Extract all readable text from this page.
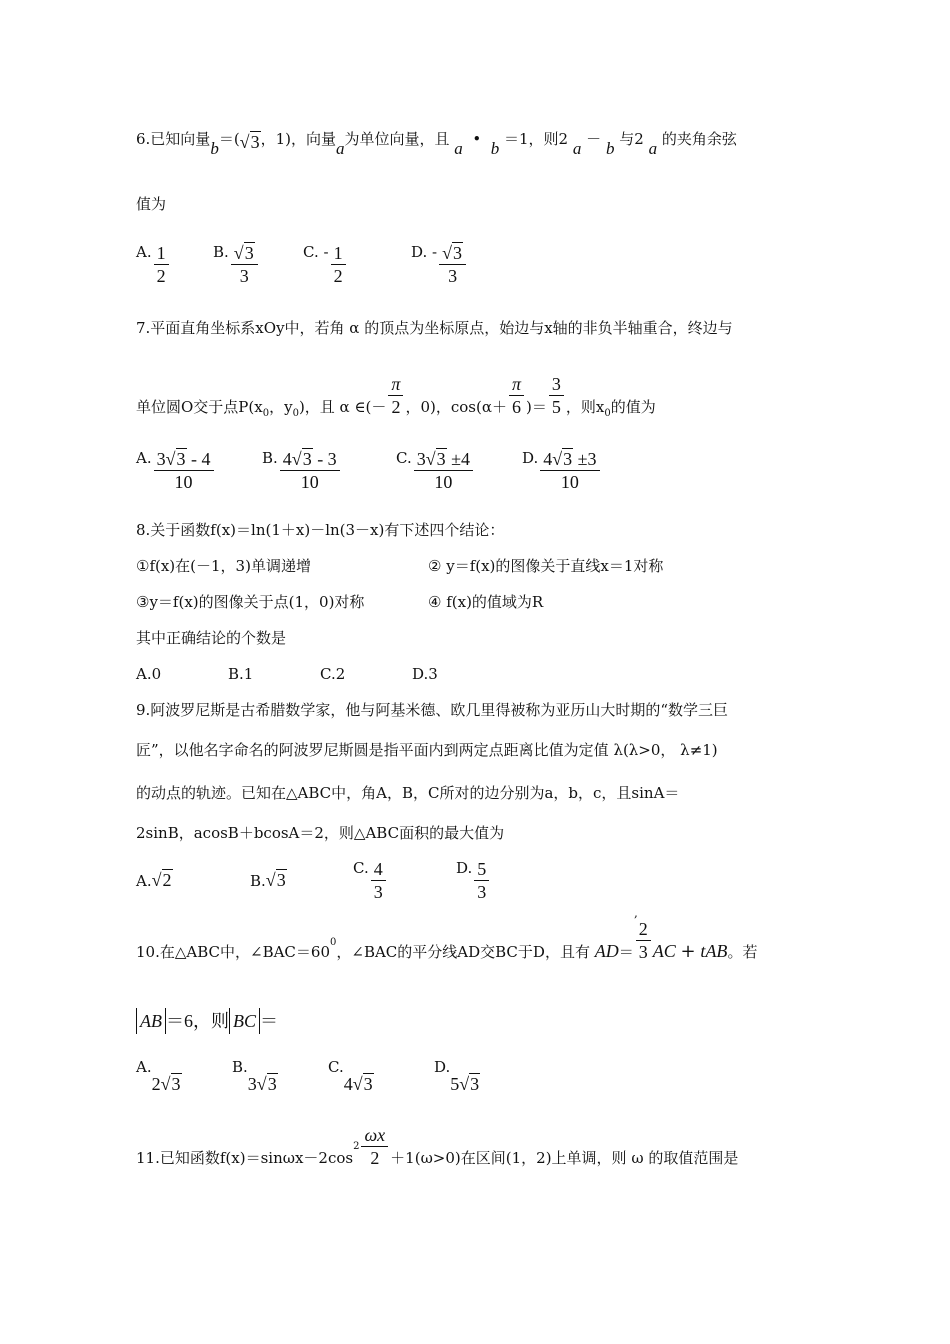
6.已知向量b＝(√3，1)，向量a为单位向量，且 a • b ＝1，则2 a － b 与2 a 的夹角余弦
值为
A. $\frac{1}{2}$	B. $\frac{√3}{3}$	C. - $\frac{1}{2}$	D. - $\frac{√3}{3}$
7.平面直角坐标系xOy中，若角 α 的顶点为坐标原点，始边与x轴的非负半轴重合，终边与
单位圆O交于点$P(x_0$，$y_0$)，且 α ∈(－ $\frac{\pi}{2}$ ，0)，$\cos(\alpha+ \frac{\pi}{6}$ )＝ $\frac{3}{5}$ ，则$x_0$的值为
A. $\frac{3√3 - 4}{10}$	B. $\frac{4√3 - 3}{10}$	C. $\frac{3√3 \pm 4}{10}$	D. $\frac{4√3 \pm 3}{10}$
8.关于函数f(x)＝ln(1＋x)－ln(3－x)有下述四个结论：
①f(x)在(－1，3)单调递增	② y＝f(x)的图像关于直线x＝1对称
③y＝f(x)的图像关于点(1，0)对称	④ f(x)的值域为R
其中正确结论的个数是
A.0	B.1	C.2	D.3
9.阿波罗尼斯是古希腊数学家，他与阿基米德、欧几里得被称为亚历山大时期的“数学三巨
匠”，以他名字命名的阿波罗尼斯圆是指平面内到两定点距离比值为定值 λ(λ>0， λ≠1)
的动点的轨迹。已知在△ABC中，角A，B，C所对的边分别为a，b，c，且sinA＝
2sinB，acosB＋bcosA＝2，则△ABC面积的最大值为
A.√2	B.√3
C. $\frac{4}{3}$	D. $\frac{5}{3}$
,
10.在△ABC中，$\angle BAC=60^0$，∠BAC的平分线AD交BC于D，且有 $AD= \frac{2}{3}$ AC + tAB。若
AB ＝6，则 BC ＝
A.2√3
B.3√3
C.4√3
D.5√3
11.已知函数$f(x)=\sin\omega x-2\cos^2 \frac{\omega x}{2} +1(\omega>0)$在区间(1，2)上单调，则 ω 的取值范围是
